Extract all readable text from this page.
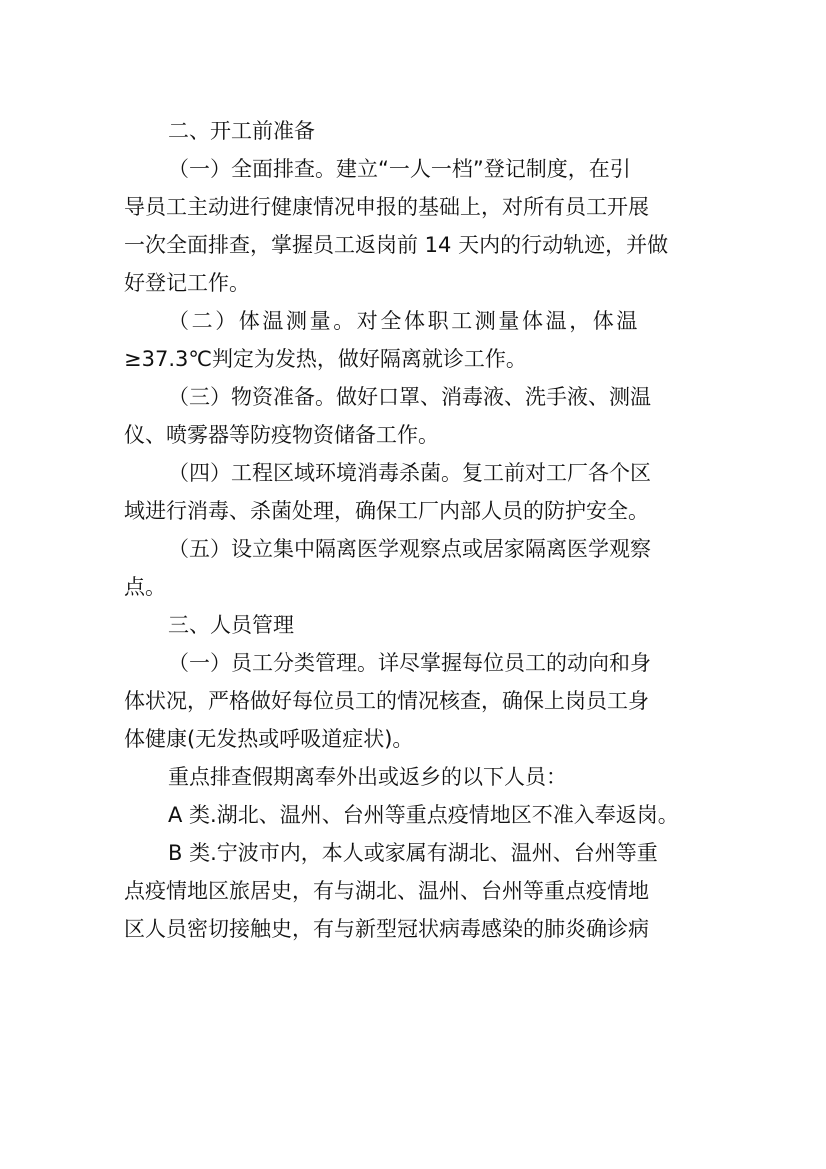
二、开工前准备
（一）全面排查。建立“一人一档”登记制度，在引
导员工主动进行健康情况申报的基础上，对所有员工开展
一次全面排查，掌握员工返岗前 14 天内的行动轨迹，并做
好登记工作。
（二）体温测量。对全体职工测量体温，体温
≥37.3℃判定为发热，做好隔离就诊工作。
（三）物资准备。做好口罩、消毒液、洗手液、测温
仪、喷雾器等防疫物资储备工作。
（四）工程区域环境消毒杀菌。复工前对工厂各个区
域进行消毒、杀菌处理，确保工厂内部人员的防护安全。
（五）设立集中隔离医学观察点或居家隔离医学观察
点。
三、人员管理
（一）员工分类管理。详尽掌握每位员工的动向和身
体状况，严格做好每位员工的情况核查，确保上岗员工身
体健康(无发热或呼吸道症状)。
重点排查假期离奉外出或返乡的以下人员：
A 类.湖北、温州、台州等重点疫情地区不准入奉返岗。
B 类.宁波市内，本人或家属有湖北、温州、台州等重
点疫情地区旅居史，有与湖北、温州、台州等重点疫情地
区人员密切接触史，有与新型冠状病毒感染的肺炎确诊病
